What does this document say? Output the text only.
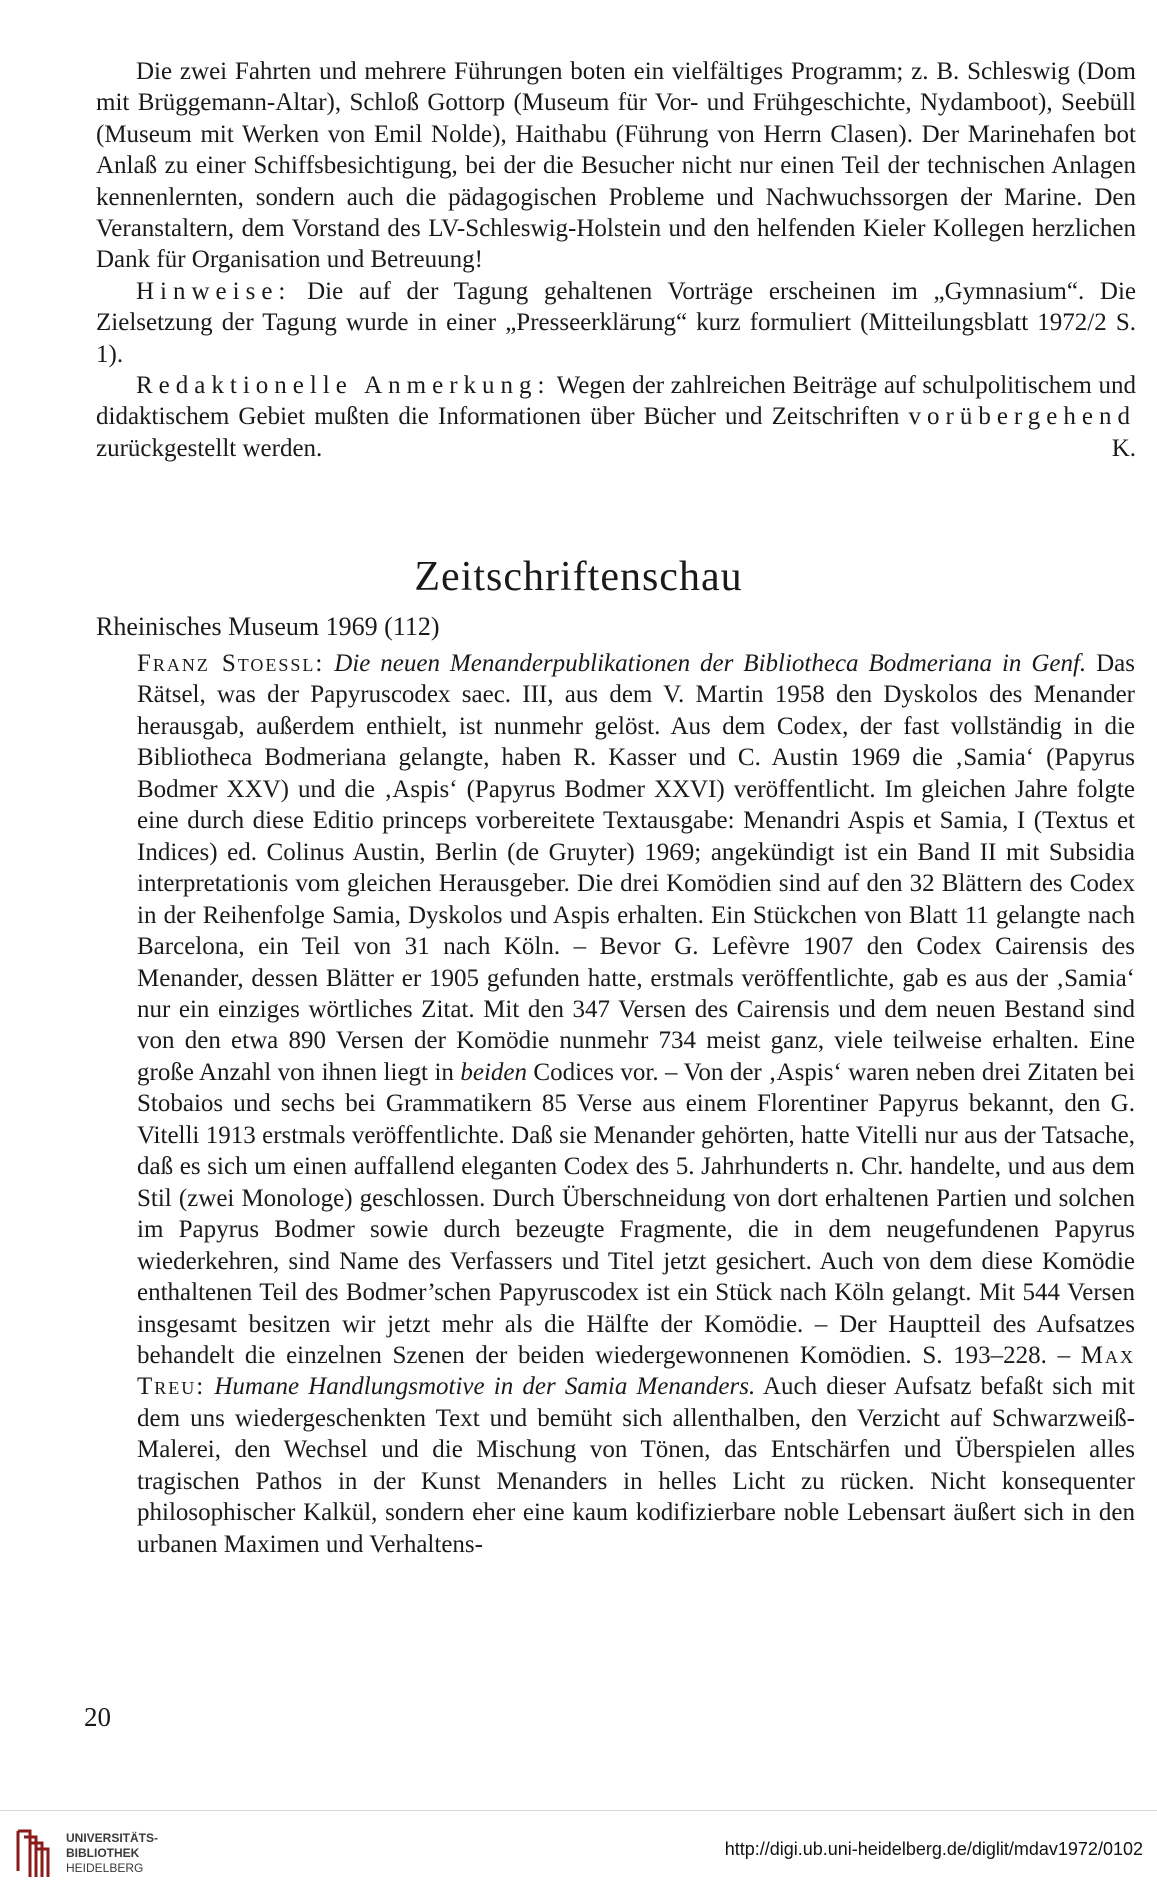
Die zwei Fahrten und mehrere Führungen boten ein vielfältiges Programm; z. B. Schleswig (Dom mit Brüggemann-Altar), Schloß Gottorp (Museum für Vor- und Frühgeschichte, Nydamboot), Seebüll (Museum mit Werken von Emil Nolde), Haithabu (Führung von Herrn Clasen). Der Marinehafen bot Anlaß zu einer Schiffsbesichtigung, bei der die Besucher nicht nur einen Teil der technischen Anlagen kennenlernten, sondern auch die pädagogischen Probleme und Nachwuchssorgen der Marine. Den Veranstaltern, dem Vorstand des LV-Schleswig-Holstein und den helfenden Kieler Kollegen herzlichen Dank für Organisation und Betreuung!

Hinweise: Die auf der Tagung gehaltenen Vorträge erscheinen im „Gymnasium“. Die Zielsetzung der Tagung wurde in einer „Presseerklärung“ kurz formuliert (Mitteilungsblatt 1972/2 S. 1).

Redaktionelle Anmerkung: Wegen der zahlreichen Beiträge auf schulpolitischem und didaktischem Gebiet mußten die Informationen über Bücher und Zeitschriften vorübergehend zurückgestellt werden.	K.

Zeitschriftenschau
Rheinisches Museum 1969 (112)

Franz Stoessl: Die neuen Menanderpublikationen der Bibliotheca Bodmeriana in Genf. Das Rätsel, was der Papyruscodex saec. III, aus dem V. Martin 1958 den Dyskolos des Menander herausgab, außerdem enthielt, ist nunmehr gelöst. Aus dem Codex, der fast vollständig in die Bibliotheca Bodmeriana gelangte, haben R. Kasser und C. Austin 1969 die ‚Samia‘ (Papyrus Bodmer XXV) und die ‚Aspis‘ (Papyrus Bodmer XXVI) veröffentlicht. Im gleichen Jahre folgte eine durch diese Editio princeps vorbereitete Textausgabe: Menandri Aspis et Samia, I (Textus et Indices) ed. Colinus Austin, Berlin (de Gruyter) 1969; angekündigt ist ein Band II mit Subsidia interpretationis vom gleichen Herausgeber. Die drei Komödien sind auf den 32 Blättern des Codex in der Reihenfolge Samia, Dyskolos und Aspis erhalten. Ein Stückchen von Blatt 11 gelangte nach Barcelona, ein Teil von 31 nach Köln. – Bevor G. Lefèvre 1907 den Codex Cairensis des Menander, dessen Blätter er 1905 gefunden hatte, erstmals veröffentlichte, gab es aus der ‚Samia‘ nur ein einziges wörtliches Zitat. Mit den 347 Versen des Cairensis und dem neuen Bestand sind von den etwa 890 Versen der Komödie nunmehr 734 meist ganz, viele teilweise erhalten. Eine große Anzahl von ihnen liegt in beiden Codices vor. – Von der ‚Aspis‘ waren neben drei Zitaten bei Stobaios und sechs bei Grammatikern 85 Verse aus einem Florentiner Papyrus bekannt, den G. Vitelli 1913 erstmals veröffentlichte. Daß sie Menander gehörten, hatte Vitelli nur aus der Tatsache, daß es sich um einen auffallend eleganten Codex des 5. Jahrhunderts n. Chr. handelte, und aus dem Stil (zwei Monologe) geschlossen. Durch Überschneidung von dort erhaltenen Partien und solchen im Papyrus Bodmer sowie durch bezeugte Fragmente, die in dem neugefundenen Papyrus wiederkehren, sind Name des Verfassers und Titel jetzt gesichert. Auch von dem diese Komödie enthaltenen Teil des Bodmer’schen Papyruscodex ist ein Stück nach Köln gelangt. Mit 544 Versen insgesamt besitzen wir jetzt mehr als die Hälfte der Komödie. – Der Hauptteil des Aufsatzes behandelt die einzelnen Szenen der beiden wiedergewonnenen Komödien. S. 193–228. – Max Treu: Humane Handlungsmotive in der Samia Menanders. Auch dieser Aufsatz befaßt sich mit dem uns wiedergeschenkten Text und bemüht sich allenthalben, den Verzicht auf Schwarzweiß-Malerei, den Wechsel und die Mischung von Tönen, das Entschärfen und Überspielen alles tragischen Pathos in der Kunst Menanders in helles Licht zu rücken. Nicht konsequenter philosophischer Kalkül, sondern eher eine kaum kodifizierbare noble Lebensart äußert sich in den urbanen Maximen und Verhaltens-

20
UNIVERSITÄTS-
BIBLIOTHEK
HEIDELBERG
http://digi.ub.uni-heidelberg.de/diglit/mdav1972/0102
